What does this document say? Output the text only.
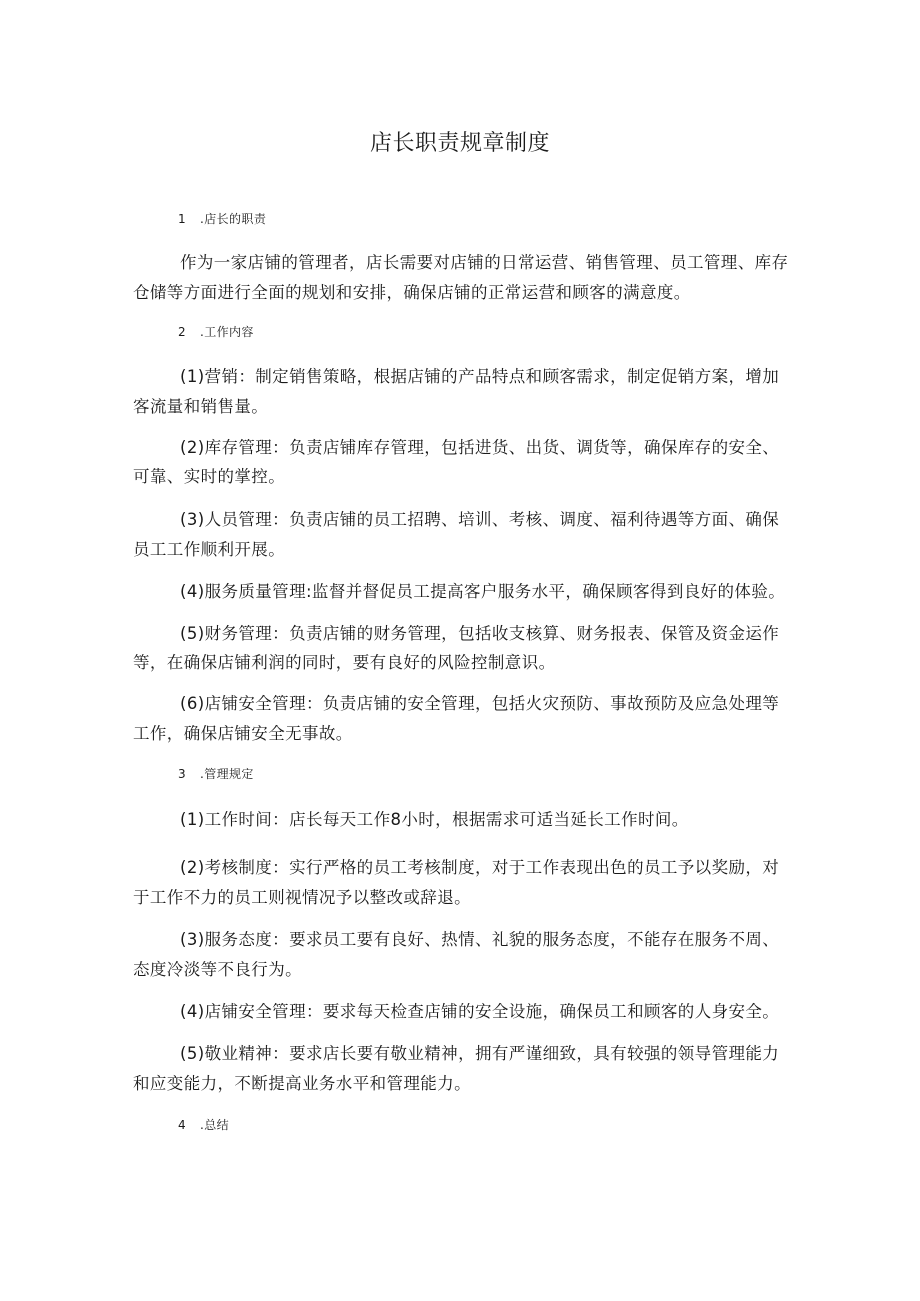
店长职责规章制度
1 .店长的职责
作为一家店铺的管理者，店长需要对店铺的日常运营、销售管理、员工管理、库存
仓储等方面进行全面的规划和安排，确保店铺的正常运营和顾客的满意度。
2 .工作内容
(1)营销：制定销售策略，根据店铺的产品特点和顾客需求，制定促销方案，增加
客流量和销售量。
(2)库存管理：负责店铺库存管理，包括进货、出货、调货等，确保库存的安全、
可靠、实时的掌控。
(3)人员管理：负责店铺的员工招聘、培训、考核、调度、福利待遇等方面、确保
员工工作顺利开展。
(4)服务质量管理:监督并督促员工提高客户服务水平，确保顾客得到良好的体验。
(5)财务管理：负责店铺的财务管理，包括收支核算、财务报表、保管及资金运作
等，在确保店铺利润的同时，要有良好的风险控制意识。
(6)店铺安全管理：负责店铺的安全管理，包括火灾预防、事故预防及应急处理等
工作，确保店铺安全无事故。
3 .管理规定
(1)工作时间：店长每天工作8小时，根据需求可适当延长工作时间。
(2)考核制度：实行严格的员工考核制度，对于工作表现出色的员工予以奖励，对
于工作不力的员工则视情况予以整改或辞退。
(3)服务态度：要求员工要有良好、热情、礼貌的服务态度，不能存在服务不周、
态度冷淡等不良行为。
(4)店铺安全管理：要求每天检查店铺的安全设施，确保员工和顾客的人身安全。
(5)敬业精神：要求店长要有敬业精神，拥有严谨细致，具有较强的领导管理能力
和应变能力，不断提高业务水平和管理能力。
4 .总结
